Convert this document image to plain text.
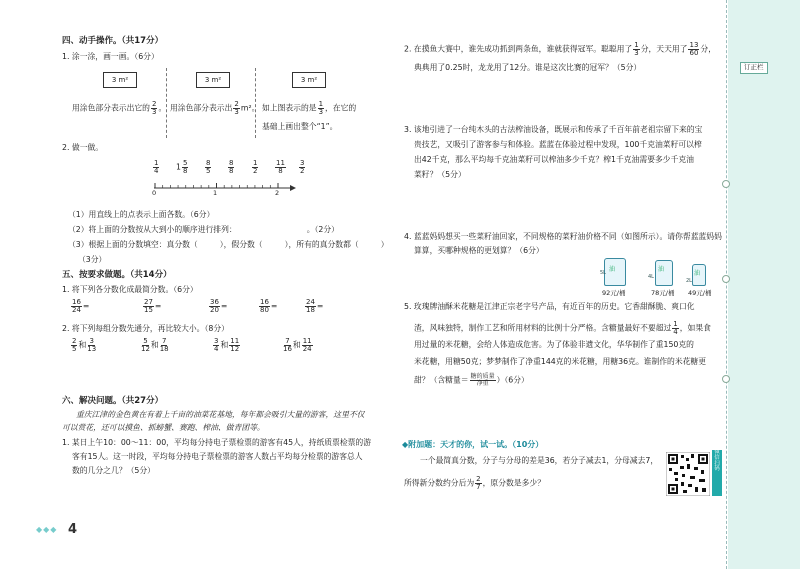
订正栏
四、动手操作。（共17分）
1. 涂一涂，画一画。（6分）
3 m²	3 m²	3 m²
用涂色部分表示出它的 $\frac{2}{3}$ 。 用涂色部分表示出 $\frac{2}{3} m^2$。 如上图表示的是 $\frac{1}{3}$ ，在它的
基础上画出整个“1”。
2. 做一做。
$\frac{1}{4} 1 \frac{5}{8} \frac{8}{5} \frac{8}{8}$	$\frac{1}{2} \frac{11}{8} \frac{3}{2}$
0	1	2
（1）用直线上的点表示上面各数。（6分）
（2）将上面的分数按从大到小的顺序进行排列：	。（2分）
（3）根据上面的分数填空：真分数（	），假分数（	），所有的真分数都（	）
（3分）
五、按要求做题。（共14分）
1. 将下列各分数化成最简分数。（6分）
$\frac{16}{24}$ =	$\frac{27}{15}$ =	$\frac{36}{20}$ =	$\frac{16}{80}$ =	$\frac{24}{18}$ =
2. 将下列每组分数先通分，再比较大小。（8分）
$\frac{2}{5}$ 和 $\frac{3}{13}$	$\frac{5}{12}$ 和 $\frac{7}{18}$	$\frac{3}{4}$ 和 $\frac{11}{12}$	$\frac{7}{16}$ 和 $\frac{11}{24}$
六、解决问题。（共27分）
重庆江津的金色黄在有着上千亩的油菜花基地，每年都会吸引大量的游客，这里不仅
可以赏花，还可以摸鱼、抓螃蟹、赛跑、榨油、做青团等。
1. 某日上午10：00～11：00，平均每分持电子票检票的游客有45人，持纸质票检票的游
客有15人。这一时段，平均每分持电子票检票的游客人数占平均每分检票的游客总人
数的几分之几？（5分）
◆◆◆ 4
2. 在摸鱼大赛中，谁先成功抓到两条鱼，谁就获得冠军。聪聪用了 $\frac{1}{3}$ 分，天天用了 $\frac{13}{60}$ 分，
典典用了0.25时，龙龙用了12分。谁是这次比赛的冠军？（5分）
3. 该地引进了一台纯木头的古法榨油设备，既展示和传承了千百年前老祖宗留下来的宝
贵技艺，又吸引了游客参与和体验。蓝蓝在体验过程中发现，100千克油菜籽可以榨
出42千克，那么平均每千克油菜籽可以榨油多少千克？榨1千克油需要多少千克油
菜籽？（5分）
4. 蓝蓝妈妈想买一些菜籽油回家，不同规格的菜籽油价格不同（如图所示）。请你帮蓝蓝妈妈
算算，买哪种规格的更划算？（6分）
油
5L	油
4L	油
2L
92元/桶	78元/桶 49元/桶
5. 玫瑰牌油酥米花糖是江津正宗老字号产品，有近百年的历史。它香甜酥脆、爽口化
渣，风味独特，制作工艺和所用材料的比例十分严格。含糖量最好不要超过 $\frac{1}{4}$ ，如果食
用过量的米花糖，会给人体造成危害。为了体验非遗文化，华华制作了重150克的
米花糖，用糖50克；梦梦制作了净重144克的米花糖，用糖36克。谁制作的米花糖更
甜？（含糖量＝ $\frac{\text{糖的质量}}{\text{净重}} )(6$分）
◆附加题：天才的你，试一试。（10分）
一个最简真分数，分子与分母的差是36，若分子减去1，分母减去7，
所得新分数约分后为 $\frac{2}{7}$ ，原分数是多少？
微信扫码
